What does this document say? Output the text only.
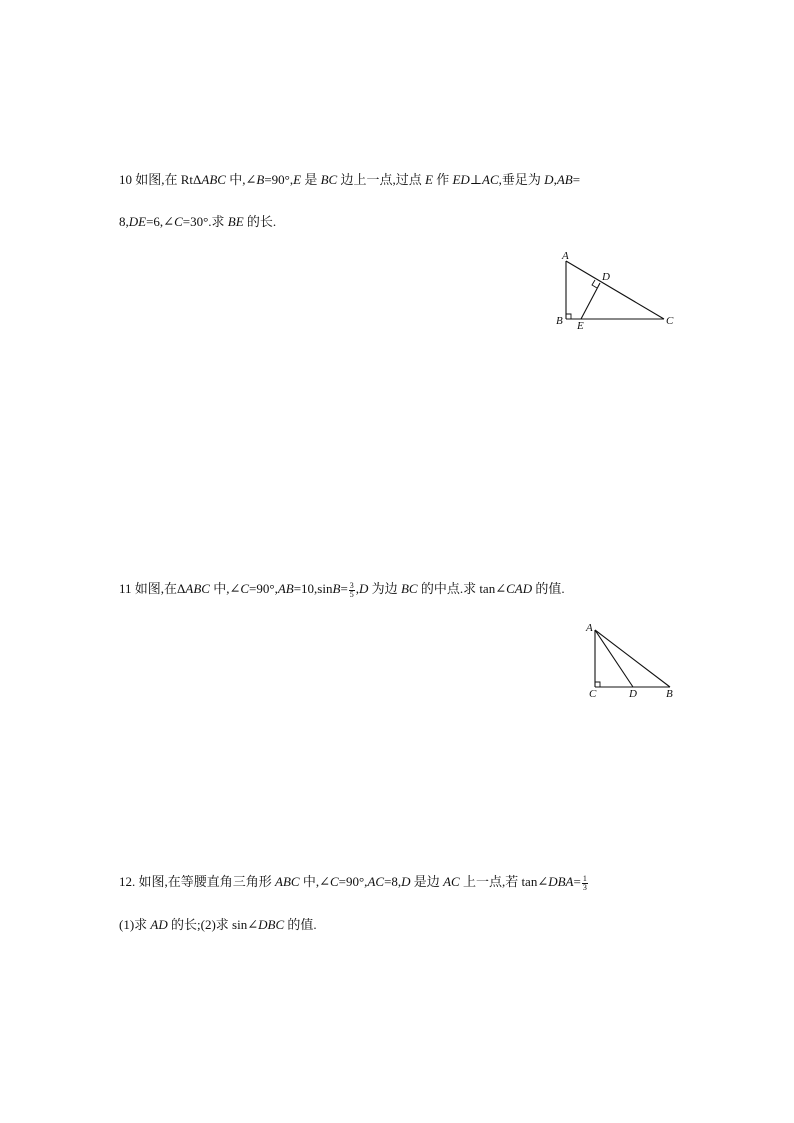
10 如图,在 RtΔABC 中,∠B=90°,E 是 BC 边上一点,过点 E 作 ED⊥AC,垂足为 D,AB=
8,DE=6,∠C=30°.求 BE 的长.
A
D
B E	C
11 如图,在ΔABC 中,∠C=90°,AB=10,sinB= $\frac{3}{5} ,D$ 为边 BC 的中点.求 tan∠CAD 的值.
A
C	D	B
12. 如图,在等腰直角三角形 ABC 中,∠C=90°,AC=8,D 是边 AC 上一点,若 tan∠DBA= $\frac{1}{3}$
(1)求 AD 的长;(2)求 sin∠DBC 的值.
